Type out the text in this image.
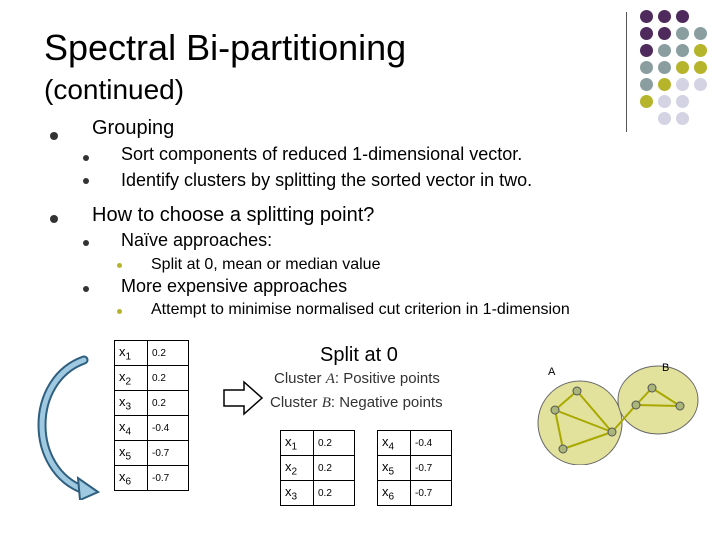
Spectral Bi-partitioning
(continued)
Grouping
Sort components of reduced 1-dimensional vector.
Identify clusters by splitting the sorted vector in two.
How to choose a splitting point?
Naïve approaches:
Split at 0, mean or median value
More expensive approaches
Attempt to minimise normalised cut criterion in 1-dimension
$x_1$	0.2
$x_2$	0.2
$x_3$	0.2
$x_4$	-0.4
$x_5$	-0.7
$x_6$	-0.7
Split at 0
Cluster A: Positive points
Cluster B: Negative points
$x_1$	0.2
$x_2$	0.2
$x_3$	0.2
$x_4$	-0.4
$x_5$	-0.7
$x_6$	-0.7
A	B
